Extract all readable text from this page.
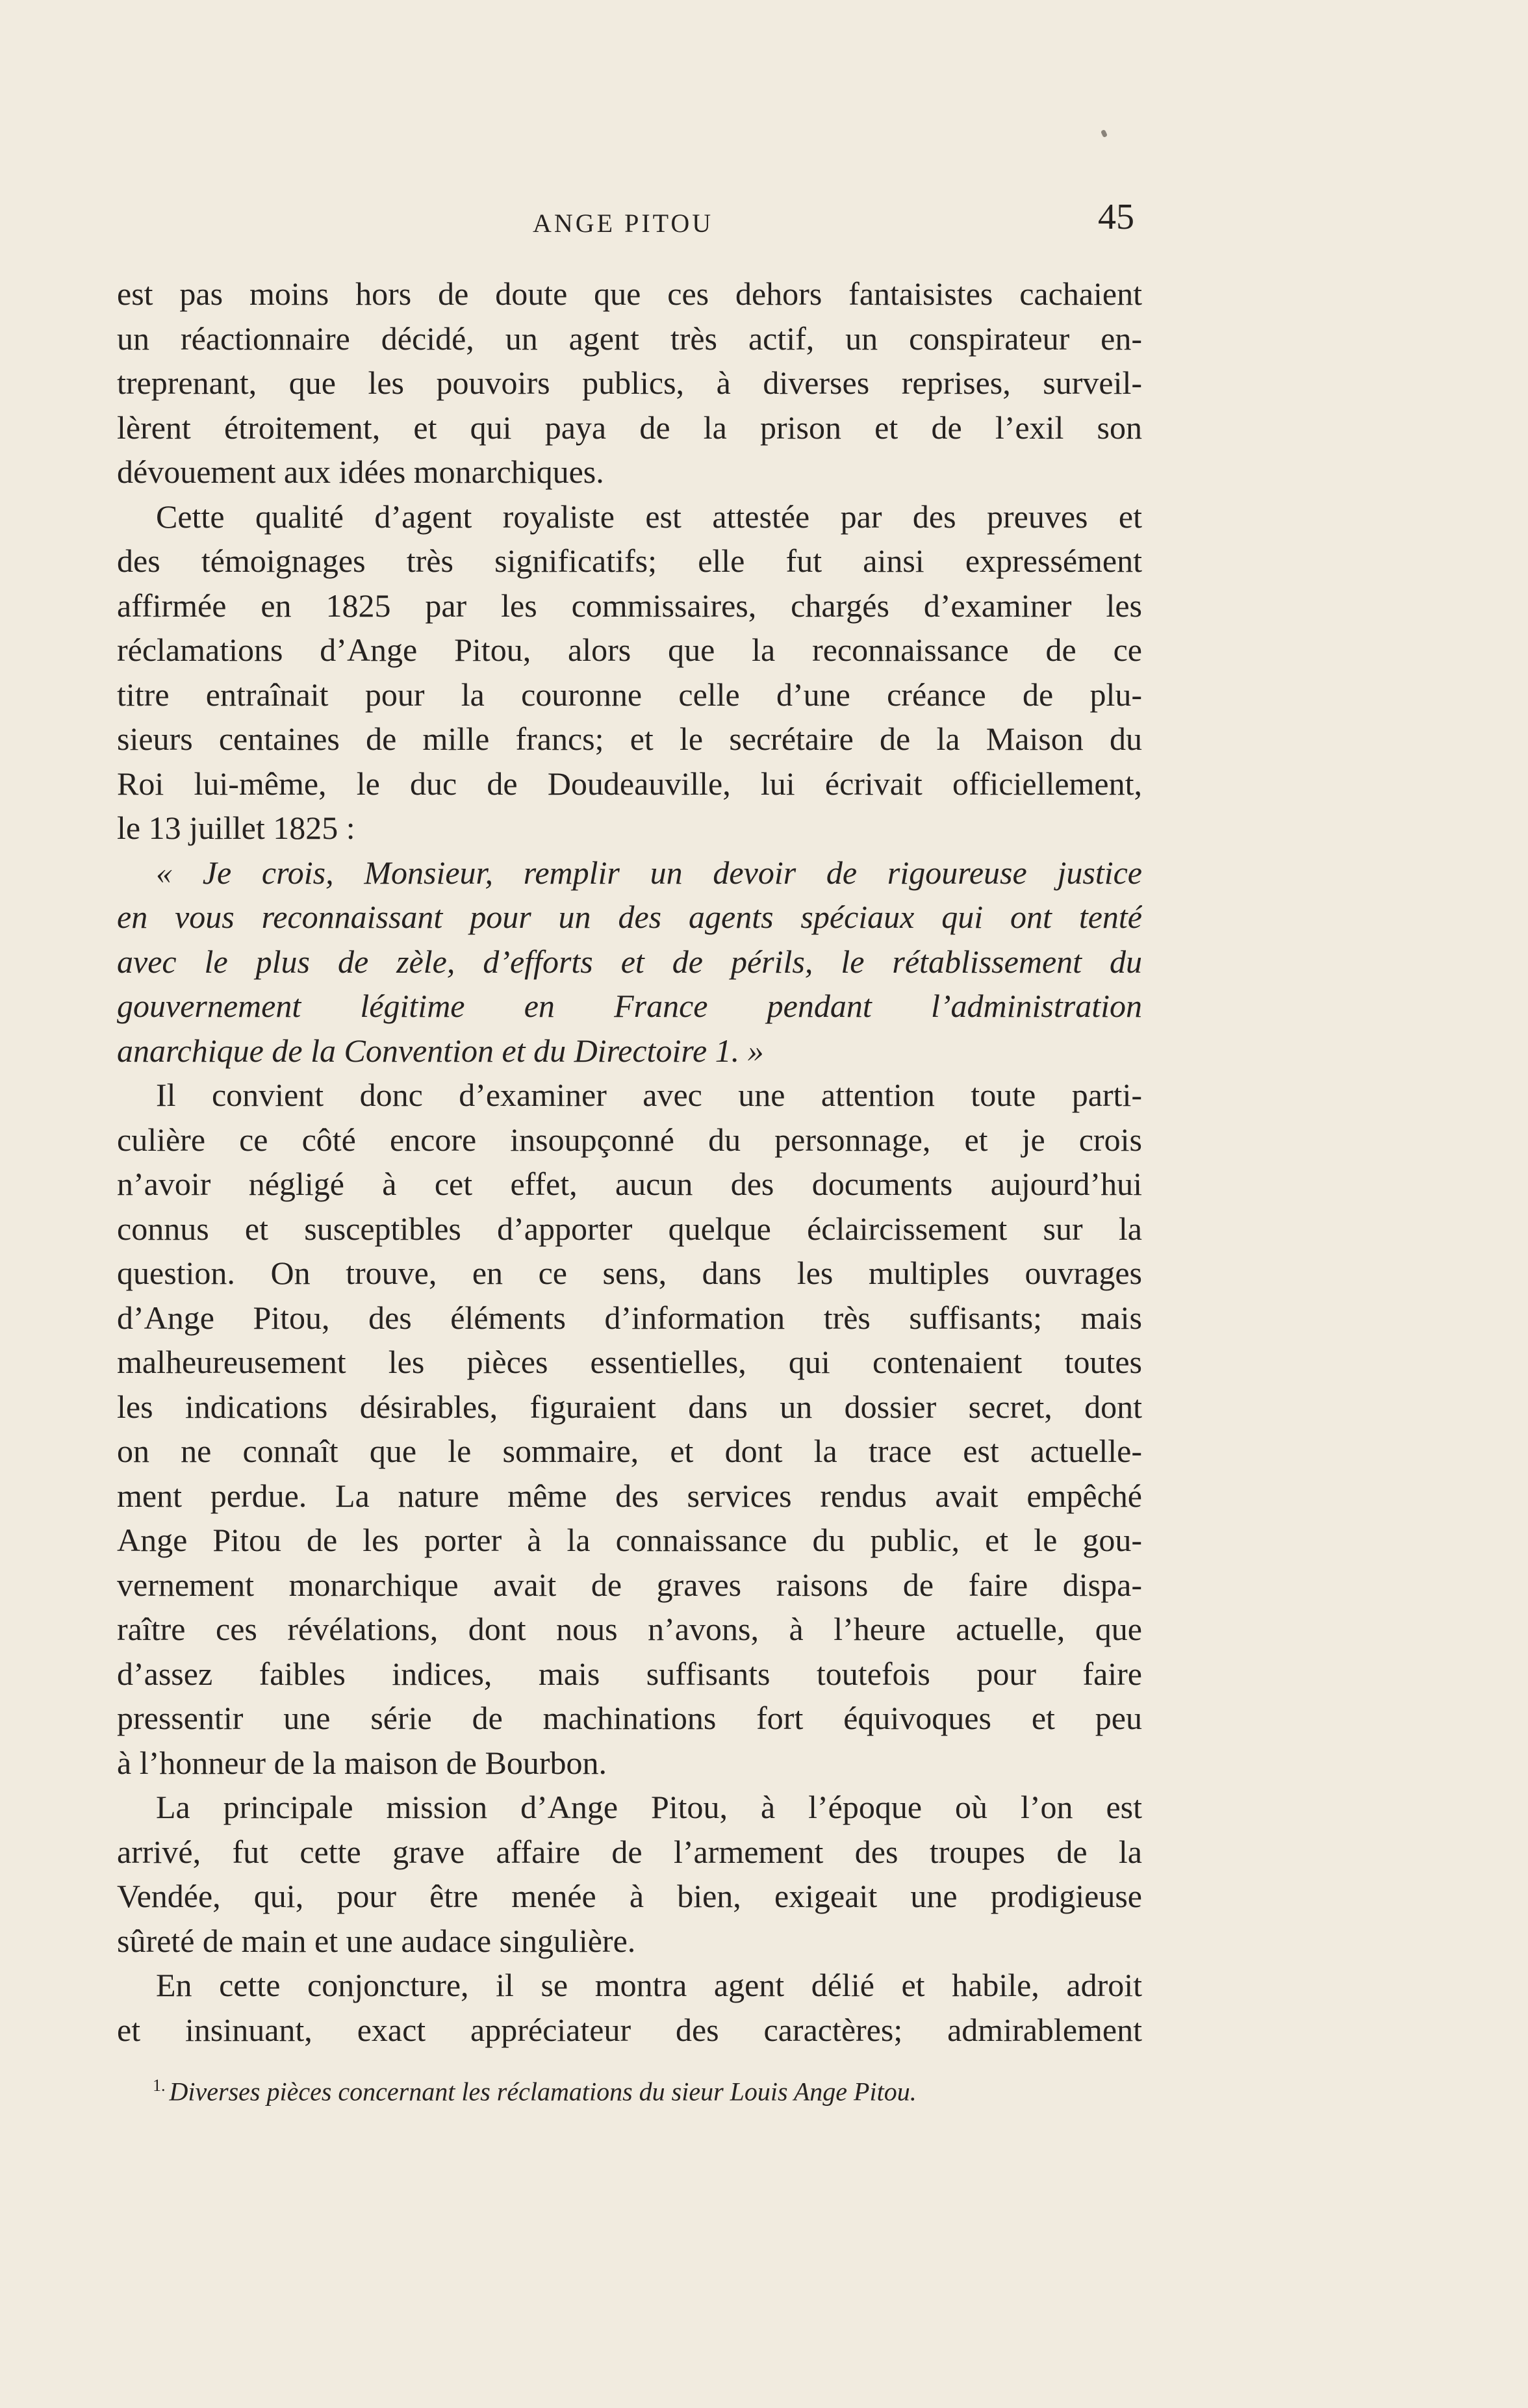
ANGE PITOU	45
est pas moins hors de doute que ces dehors fantaisistes cachaient
un réactionnaire décidé, un agent très actif, un conspirateur en-
treprenant, que les pouvoirs publics, à diverses reprises, surveil-
lèrent étroitement, et qui paya de la prison et de l’exil son
dévouement aux idées monarchiques.
Cette qualité d’agent royaliste est attestée par des preuves et
des témoignages très significatifs; elle fut ainsi expressément
affirmée en 1825 par les commissaires, chargés d’examiner les
réclamations d’Ange Pitou, alors que la reconnaissance de ce
titre entraînait pour la couronne celle d’une créance de plu-
sieurs centaines de mille francs; et le secrétaire de la Maison du
Roi lui-même, le duc de Doudeauville, lui écrivait officiellement,
le 13 juillet 1825 :
« Je crois, Monsieur, remplir un devoir de rigoureuse justice
en vous reconnaissant pour un des agents spéciaux qui ont tenté
avec le plus de zèle, d’efforts et de périls, le rétablissement du
gouvernement légitime en France pendant l’administration
anarchique de la Convention et du Directoire 1. »
Il convient donc d’examiner avec une attention toute parti-
culière ce côté encore insoupçonné du personnage, et je crois
n’avoir négligé à cet effet, aucun des documents aujourd’hui
connus et susceptibles d’apporter quelque éclaircissement sur la
question. On trouve, en ce sens, dans les multiples ouvrages
d’Ange Pitou, des éléments d’information très suffisants; mais
malheureusement les pièces essentielles, qui contenaient toutes
les indications désirables, figuraient dans un dossier secret, dont
on ne connaît que le sommaire, et dont la trace est actuelle-
ment perdue. La nature même des services rendus avait empêché
Ange Pitou de les porter à la connaissance du public, et le gou-
vernement monarchique avait de graves raisons de faire dispa-
raître ces révélations, dont nous n’avons, à l’heure actuelle, que
d’assez faibles indices, mais suffisants toutefois pour faire
pressentir une série de machinations fort équivoques et peu
à l’honneur de la maison de Bourbon.
La principale mission d’Ange Pitou, à l’époque où l’on est
arrivé, fut cette grave affaire de l’armement des troupes de la
Vendée, qui, pour être menée à bien, exigeait une prodigieuse
sûreté de main et une audace singulière.
En cette conjoncture, il se montra agent délié et habile, adroit
et insinuant, exact appréciateur des caractères; admirablement
$^{1.}$ Diverses pièces concernant les réclamations du sieur Louis Ange Pitou.
